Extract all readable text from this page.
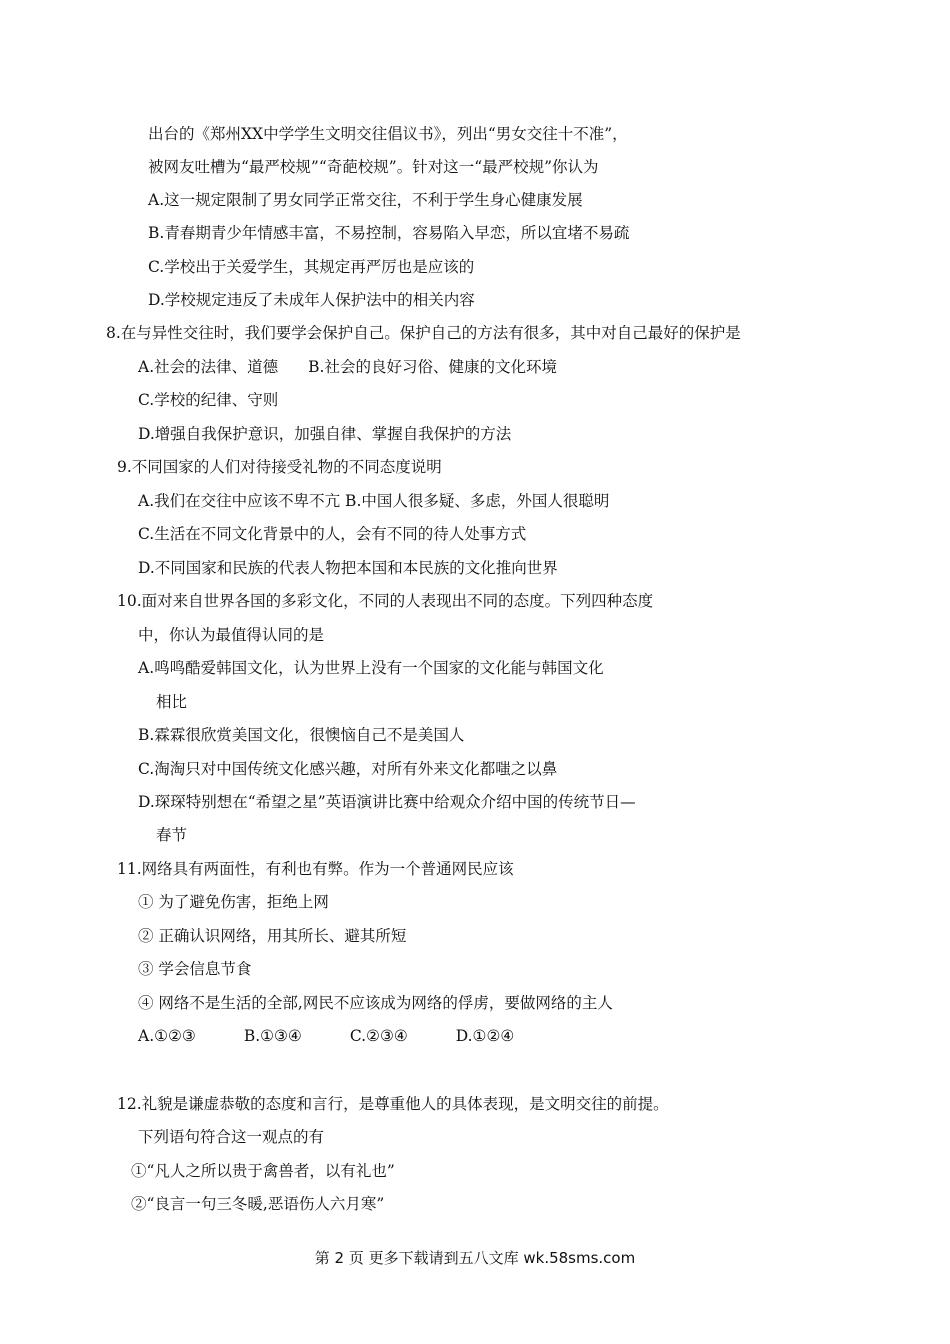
出台的《郑州XX中学学生文明交往倡议书》，列出“男女交往十不准”，
被网友吐槽为“最严校规”“奇葩校规”。针对这一“最严校规”你认为
A.这一规定限制了男女同学正常交往，不利于学生身心健康发展
B.青春期青少年情感丰富，不易控制，容易陷入早恋，所以宜堵不易疏
C.学校出于关爱学生，其规定再严厉也是应该的
D.学校规定违反了未成年人保护法中的相关内容
8.在与异性交往时，我们要学会保护自己。保护自己的方法有很多，其中对自己最好的保护是
A.社会的法律、道德 B.社会的良好习俗、健康的文化环境
C.学校的纪律、守则
D.增强自我保护意识，加强自律、掌握自我保护的方法
9.不同国家的人们对待接受礼物的不同态度说明
A.我们在交往中应该不卑不亢 B.中国人很多疑、多虑，外国人很聪明
C.生活在不同文化背景中的人，会有不同的待人处事方式
D.不同国家和民族的代表人物把本国和本民族的文化推向世界
10.面对来自世界各国的多彩文化，不同的人表现出不同的态度。下列四种态度
中，你认为最值得认同的是
A.鸣鸣酷爱韩国文化，认为世界上没有一个国家的文化能与韩国文化
相比
B.霖霖很欣赏美国文化，很懊恼自己不是美国人
C.淘淘只对中国传统文化感兴趣，对所有外来文化都嗤之以鼻
D.琛琛特别想在“希望之星”英语演讲比赛中给观众介绍中国的传统节日—
春节
11.网络具有两面性，有利也有弊。作为一个普通网民应该
① 为了避免伤害，拒绝上网
② 正确认识网络，用其所长、避其所短
③ 学会信息节食
④ 网络不是生活的全部,网民不应该成为网络的俘虏，要做网络的主人
A.①②③	B.①③④	C.②③④	D.①②④
12.礼貌是谦虚恭敬的态度和言行，是尊重他人的具体表现，是文明交往的前提。
下列语句符合这一观点的有
①“凡人之所以贵于禽兽者，以有礼也”
②“良言一句三冬暖,恶语伤人六月寒”
第 2 页 更多下载请到五八文库 wk.58sms.com
